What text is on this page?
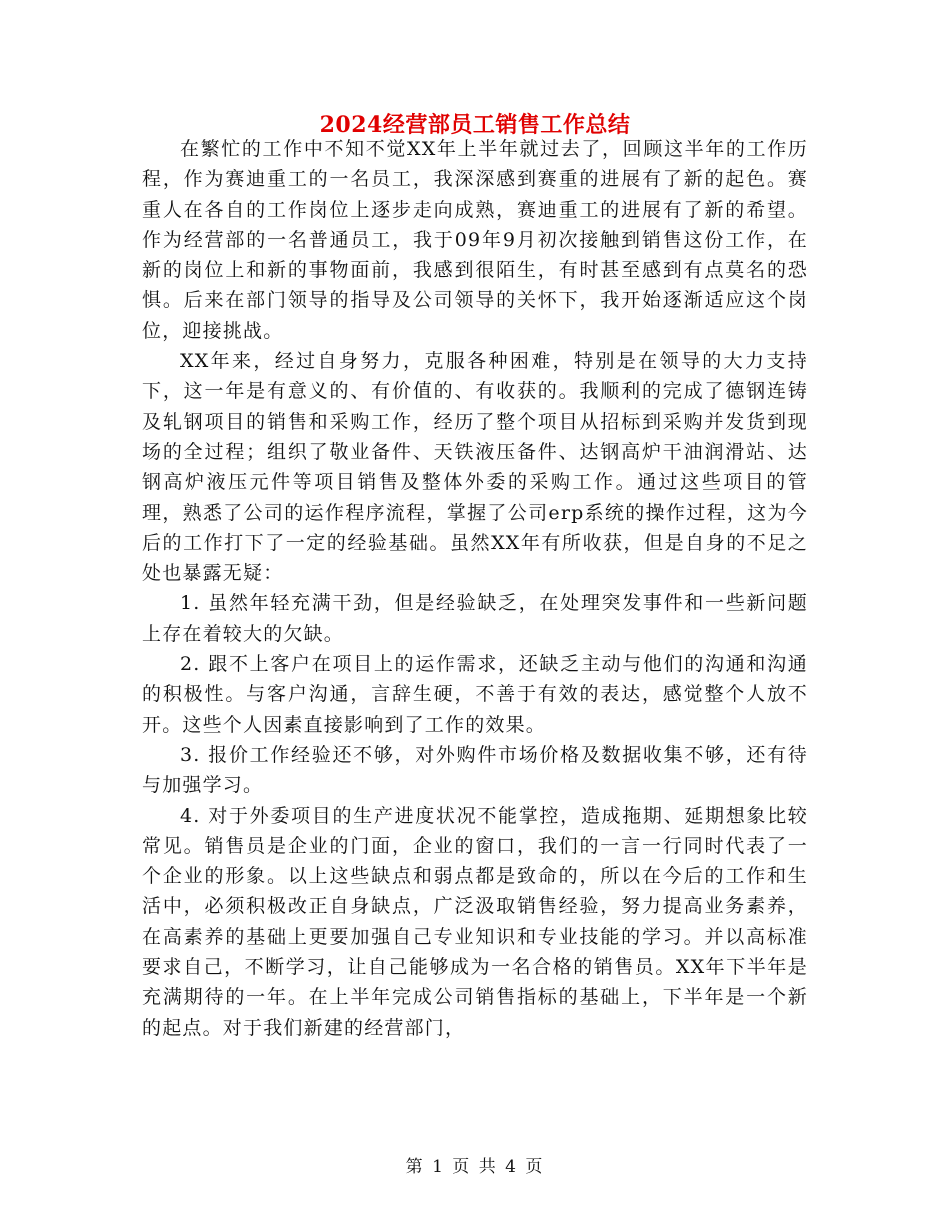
2024经营部员工销售工作总结

在繁忙的工作中不知不觉XX年上半年就过去了，回顾这半年的工作历程，作为赛迪重工的一名员工，我深深感到赛重的进展有了新的起色。赛重人在各自的工作岗位上逐步走向成熟，赛迪重工的进展有了新的希望。作为经营部的一名普通员工，我于09年9月初次接触到销售这份工作，在新的岗位上和新的事物面前，我感到很陌生，有时甚至感到有点莫名的恐惧。后来在部门领导的指导及公司领导的关怀下，我开始逐渐适应这个岗位，迎接挑战。

XX年来，经过自身努力，克服各种困难，特别是在领导的大力支持下，这一年是有意义的、有价值的、有收获的。我顺利的完成了德钢连铸及轧钢项目的销售和采购工作，经历了整个项目从招标到采购并发货到现场的全过程；组织了敬业备件、天铁液压备件、达钢高炉干油润滑站、达钢高炉液压元件等项目销售及整体外委的采购工作。通过这些项目的管理，熟悉了公司的运作程序流程，掌握了公司erp系统的操作过程，这为今后的工作打下了一定的经验基础。虽然XX年有所收获，但是自身的不足之处也暴露无疑：

1. 虽然年轻充满干劲，但是经验缺乏，在处理突发事件和一些新问题上存在着较大的欠缺。

2. 跟不上客户在项目上的运作需求，还缺乏主动与他们的沟通和沟通的积极性。与客户沟通，言辞生硬，不善于有效的表达，感觉整个人放不开。这些个人因素直接影响到了工作的效果。

3. 报价工作经验还不够，对外购件市场价格及数据收集不够，还有待与加强学习。

4. 对于外委项目的生产进度状况不能掌控，造成拖期、延期想象比较常见。销售员是企业的门面，企业的窗口，我们的一言一行同时代表了一个企业的形象。以上这些缺点和弱点都是致命的，所以在今后的工作和生活中，必须积极改正自身缺点，广泛汲取销售经验，努力提高业务素养，在高素养的基础上更要加强自己专业知识和专业技能的学习。并以高标准要求自己，不断学习，让自己能够成为一名合格的销售员。XX年下半年是充满期待的一年。在上半年完成公司销售指标的基础上，下半年是一个新的起点。对于我们新建的经营部门，

第 1 页 共 4 页
